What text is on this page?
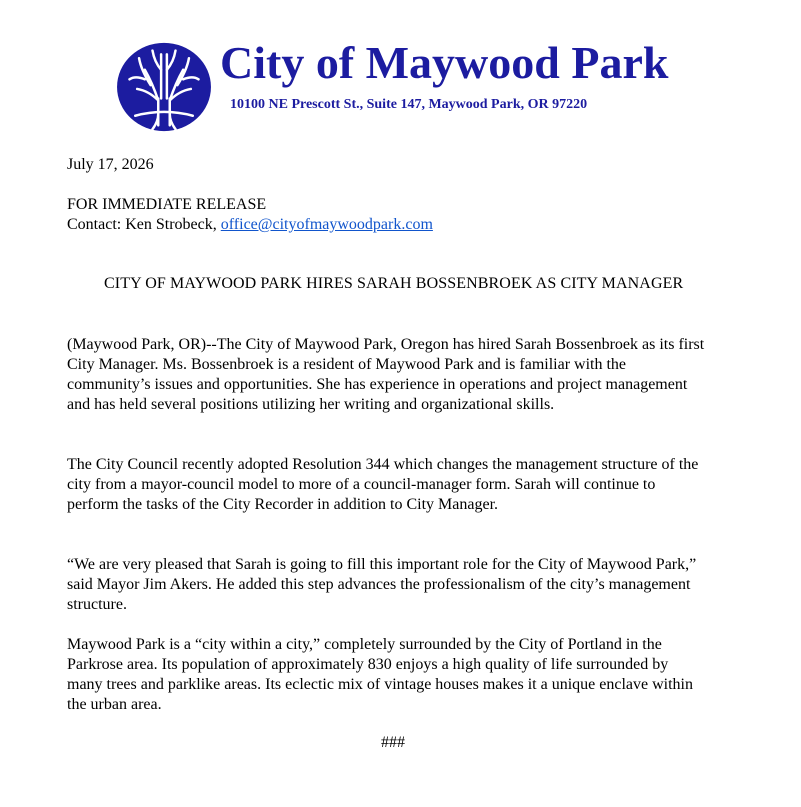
City of Maywood Park

10100 NE Prescott St., Suite 147, Maywood Park, OR 97220

July 17, 2026

FOR IMMEDIATE RELEASE

Contact: Ken Strobeck, office@cityofmaywoodpark.com

CITY OF MAYWOOD PARK HIRES SARAH BOSSENBROEK AS CITY MANAGER

(Maywood Park, OR)--The City of Maywood Park, Oregon has hired Sarah Bossenbroek as its first City Manager. Ms. Bossenbroek is a resident of Maywood Park and is familiar with the community’s issues and opportunities. She has experience in operations and project management and has held several positions utilizing her writing and organizational skills.

The City Council recently adopted Resolution 344 which changes the management structure of the city from a mayor-council model to more of a council-manager form. Sarah will continue to perform the tasks of the City Recorder in addition to City Manager.

“We are very pleased that Sarah is going to fill this important role for the City of Maywood Park,” said Mayor Jim Akers. He added this step advances the professionalism of the city’s management structure.

Maywood Park is a “city within a city,” completely surrounded by the City of Portland in the Parkrose area. Its population of approximately 830 enjoys a high quality of life surrounded by many trees and parklike areas. Its eclectic mix of vintage houses makes it a unique enclave within the urban area.

###
